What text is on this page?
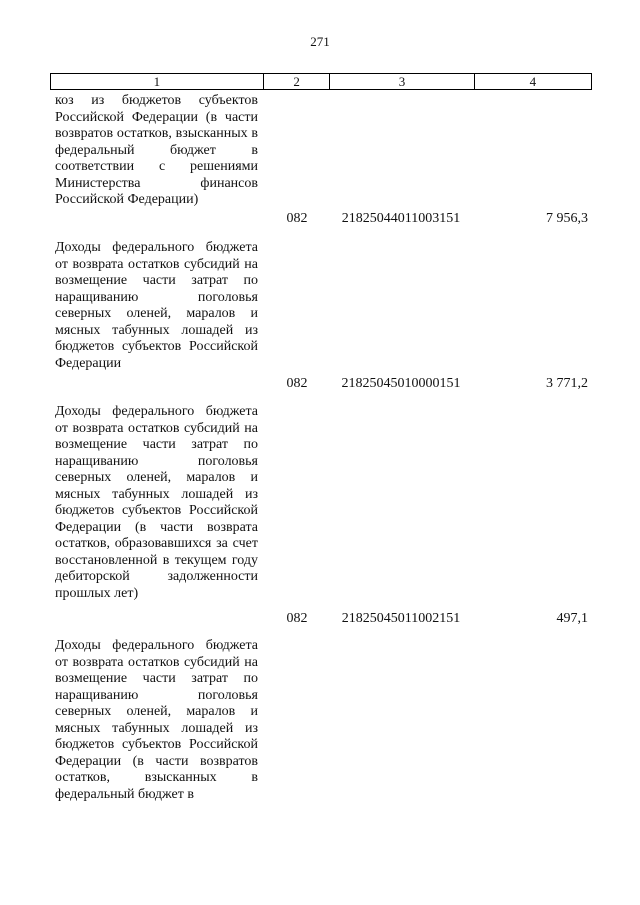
271
1	2	3	4
коз из бюджетов субъектов Российской Федерации (в части возвратов остатков, взысканных в федеральный бюджет в соответствии с решениями Министерства финансов Российской Федерации)
082	21825044011003151	7 956,3
Доходы федерального бюджета от возврата остатков субсидий на возмещение части затрат по наращиванию поголовья северных оленей, маралов и мясных табунных лошадей из бюджетов субъектов Российской Федерации
082	21825045010000151	3 771,2
Доходы федерального бюджета от возврата остатков субсидий на возмещение части затрат по наращиванию поголовья северных оленей, маралов и мясных табунных лошадей из бюджетов субъектов Российской Федерации (в части возврата остатков, образовавшихся за счет восстановленной в текущем году дебиторской задолженности прошлых лет)
082	21825045011002151	497,1
Доходы федерального бюджета от возврата остатков субсидий на возмещение части затрат по наращиванию поголовья северных оленей, маралов и мясных табунных лошадей из бюджетов субъектов Российской Федерации (в части возвратов остатков, взысканных в федеральный бюджет в
